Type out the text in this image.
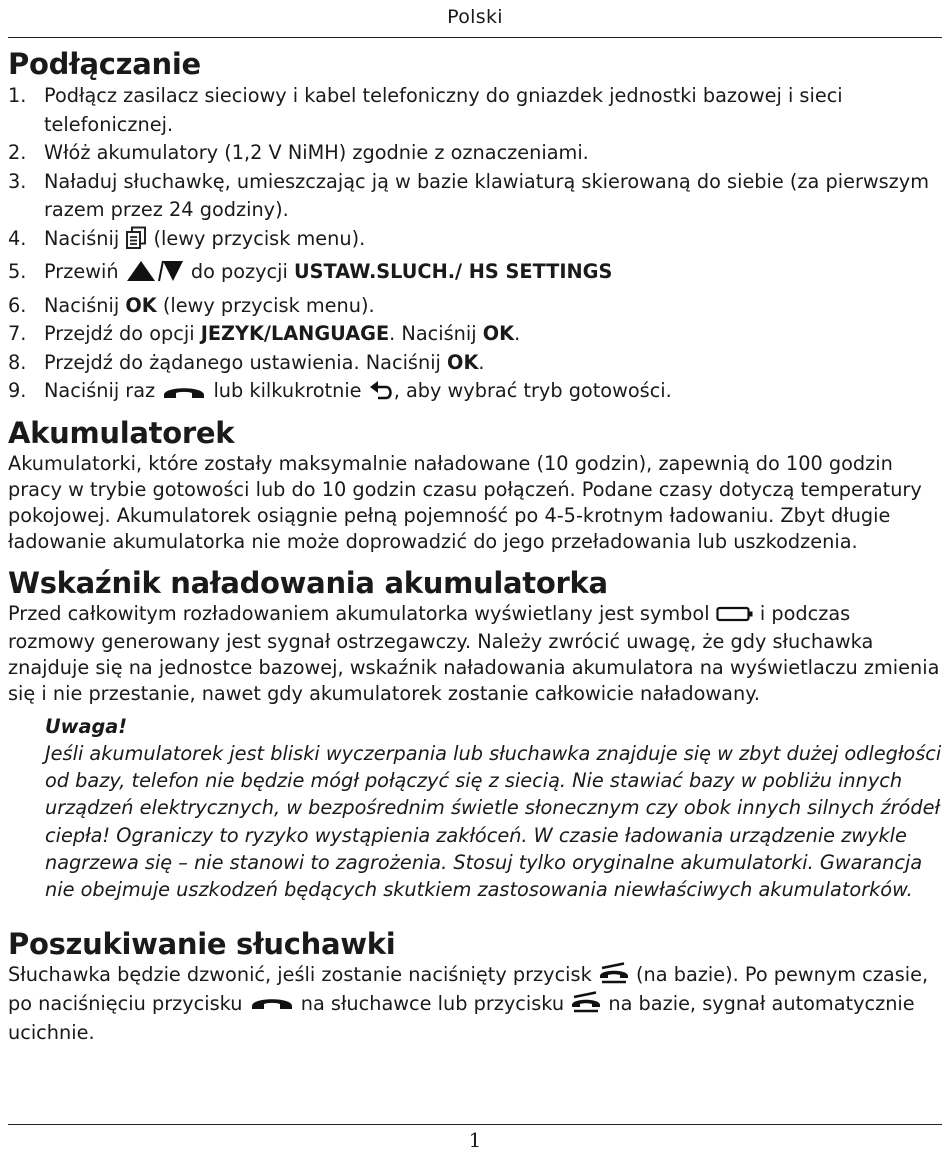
Polski
Podłączanie
1. Podłącz zasilacz sieciowy i kabel telefoniczny do gniazdek jednostki bazowej i sieci telefonicznej.
2. Włóż akumulatory (1,2 V NiMH) zgodnie z oznaczeniami.
3. Naładuj słuchawkę, umieszczając ją w bazie klawiaturą skierowaną do siebie (za pierwszym razem przez 24 godziny).
4. Naciśnij (lewy przycisk menu).
5. Przewiń	do pozycji USTAW.SLUCH./ HS SETTINGS
6. Naciśnij OK (lewy przycisk menu).
7. Przejdź do opcji JEZYK/LANGUAGE. Naciśnij OK.
8. Przejdź do żądanego ustawienia. Naciśnij OK.
9. Naciśnij raz	lub kilkukrotnie , aby wybrać tryb gotowości.
Akumulatorek

Akumulatorki, które zostały maksymalnie naładowane (10 godzin), zapewnią do 100 godzin pracy w trybie gotowości lub do 10 godzin czasu połączeń. Podane czasy dotyczą temperatury pokojowej. Akumulatorek osiągnie pełną pojemność po 4-5-krotnym ładowaniu. Zbyt długie ładowanie akumulatorka nie może doprowadzić do jego przeładowania lub uszkodzenia.

Wskaźnik naładowania akumulatorka

Przed całkowitym rozładowaniem akumulatorka wyświetlany jest symbol	i podczas rozmowy generowany jest sygnał ostrzegawczy. Należy zwrócić uwagę, że gdy słuchawka znajduje się na jednostce bazowej, wskaźnik naładowania akumulatora na wyświetlaczu zmienia się i nie przestanie, nawet gdy akumulatorek zostanie całkowicie naładowany.

Uwaga!
Jeśli akumulatorek jest bliski wyczerpania lub słuchawka znajduje się w zbyt dużej odległości od bazy, telefon nie będzie mógł połączyć się z siecią. Nie stawiać bazy w pobliżu innych urządzeń elektrycznych, w bezpośrednim świetle słonecznym czy obok innych silnych źródeł ciepła! Ograniczy to ryzyko wystąpienia zakłóceń. W czasie ładowania urządzenie zwykle nagrzewa się – nie stanowi to zagrożenia. Stosuj tylko oryginalne akumulatorki. Gwarancja nie obejmuje uszkodzeń będących skutkiem zastosowania niewłaściwych akumulatorków.
Poszukiwanie słuchawki

Słuchawka będzie dzwonić, jeśli zostanie naciśnięty przycisk (na bazie). Po pewnym czasie, po naciśnięciu przycisku	na słuchawce lub przycisku na bazie, sygnał automatycznie ucichnie.

1
